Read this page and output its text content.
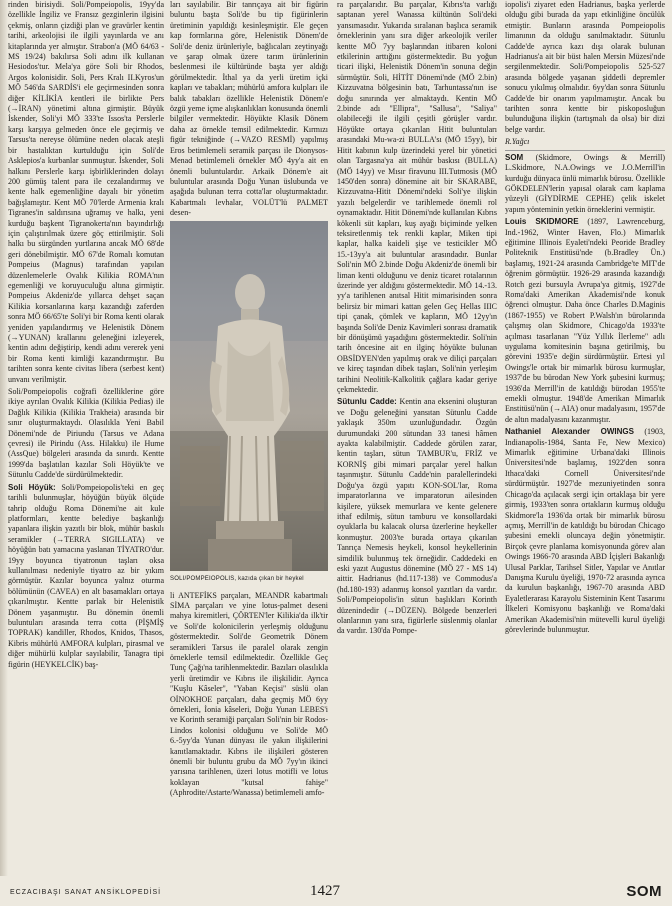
rinden birisiydi. Soli/Pompeiopolis, 19yy'da özellikle İngiliz ve Fransız gezginlerin ilgisini çekmiş, onların çizdiği plan ve gravürler kentin tarihi, arkeolojisi ile ilgili yayınlarda ve anı kitaplarında yer almıştır. Strabon'a (MÖ 64/63 - MS 19/24) bakılırsa Soli adını ilk kullanan Hesiodos'tur. Mela'ya göre Soli bir Rhodos, Argos kolonisidir. Soli, Pers Kralı II.Kyros'un MÖ 546'da SARDİS'i ele geçirmesinden sonra diğer KİLİKİA kentleri ile birlikte Pers (→İRAN) yönetimi altına girmiştir. Büyük İskender, Soli'yi MÖ 333'te Issos'ta Perslerle karşı karşıya gelmeden önce ele geçirmiş ve Tarsus'ta nereyse ölümüne neden olacak ateşli bir hastalıktan kurtulduğu için Soli'de Asklepios'a kurbanlar sunmuştur. İskender, Soli halkını Perslerle karşı işbirliklerinden dolayı 200 gümüş talent para ile cezalandırmış ve kente halk egemenliğine dayalı bir yönetim bağışlamıştır. Kent MÖ 70'lerde Armenia kralı Tigranes'in saldırısına uğramış ve halkı, yeni kurduğu başkent Tigranokerta'nın bayındırlığı için çalıştırılmak üzere göç ettirilmiştir. Soli halkı bu sürgünden yurtlarına ancak MÖ 68'de geri dönebilmiştir. MÖ 67'de Romalı komutan Pompeius (Magnus) tarafından yapılan düzenlemelerle Ovalık Kilikia ROMA'nın egemenliği ve koruyuculuğu altına girmiştir. Pompeius Akdeniz'de yıllarca dehşet saçan Kilikia korsanlarına karşı kazandığı zaferden sonra MÖ 66/65'te Soli'yi bir Roma kenti olarak yeniden yapılandırmış ve Helenistik Dönem (→YUNAN) krallarını geleneğini izleyerek, kentin adını değiştirip, kendi adını vererek yeni bir Roma kenti kimliği kazandırmıştır. Bu tarihten sonra kente civitas libera (serbest kent) unvanı verilmiştir.

Soli/Pompeiopolis coğrafi özelliklerine göre ikiye ayrılan Ovalık Kilikia (Kilikia Pedias) ile Dağlık Kilikia (Kilikia Trakheia) arasında bir sınır oluşturmaktaydı. Olasılıkla Yeni Babil Dönemi'nde de Piriundu (Tarsus ve Adana çevresi) ile Pirindu (Ass. Hilakku) ile Hume (AssQue) bölgeleri arasında da sınırdı. Kentte 1999'da başlatılan kazılar Soli Höyük'te ve Sütunlu Cadde'de sürdürülmektedir.

Soli Höyük: Soli/Pompeiopolis'teki en geç tarihli bulunmuşlar, höyüğün büyük ölçüde tahrip olduğu Roma Dönemi'ne ait kule platformları, kentte belediye başkanlığı yapanlara ilişkin yazıtlı bir blok, mühür baskılı seramikler (→TERRA SIGILLATA) ve höyüğün batı yamacına yaslanan TİYATRO'dur. 19yy boyunca tiyatronun taşları oksa kullanılması nedeniyle tiyatro az bir yıkım görmüştür. Kazılar boyunca yalnız oturma bölümünün (CAVEA) en alt basamakları ortaya çıkarılmıştır. Kentte parlak bir Helenistik Dönem yaşanmıştır. Bu dönemin önemli buluntuları arasında terra cotta (PİŞMİŞ TOPRAK) kandiller, Rhodos, Knidos, Thasos, Kibris mühürlü AMFORA kulpları, pirasmal ve diğer mühürlü kulplar sayılabilir, Tanagra tipi figürin (HEYKELCİK) baş-

ları sayılabilir. Bir tanrıçaya ait bir figürin buluntu başta Soli'de bu tip figürinlerin üretiminin yapıldığı kesinleşmiştir. Ele geçen kap formlarına göre, Helenistik Dönem'de Soli'de deniz ürünleriyle, bağlıcaları zeytinyağı ve şarap olmak üzere tarım ürünlerinin beslenmesi ile kültüründe başta yer aldığı görülmektedir. İthal ya da yerli üretim içki kapları ve tabakları; mühürlü amfora kulpları ile balık tabakları özellikle Helenistik Dönem'e özgü yeme içme alışkanlıkları konusunda önemli bilgiler vermektedir. Höyükte Klasik Dönem daha az örnekle temsil edilmektedir. Kırmızı figür tekniğinde (→VAZO RESMİ) yapılmış Eros betimlemeli seramik parçası ile Dionysos-Menad betimlemeli örnekler MÖ 4yy'a ait en önemli buluntulardır. Arkaik Dönem'e ait buluntular arasında Doğu Yunan üslubunda ve aşağıda bulunan terra cotta'lar oluşturmaktadır. Kabartmalı levhalar, VOLÜT'lü PALMET desen-

SOLI/POMPEIOPOLIS, kazıda çıkan bir heykel

li ANTEFİKS parçaları, MEANDR kabartmalı SİMA parçaları ve yine lotus-palmet deseni mahya kiremitleri, ÇÖRTEN'ler Kilikia'da ilk'tir ve Soli'de kolonicilerin yerleşmiş olduğunu göstermektedir. Soli'de Geometrik Dönem seramikleri Tarsus ile paralel olarak zengin örneklerle temsil edilmektedir. Özellikle Geç Tunç Çağı'na tarihlenmektedir. Bazıları olasılıkla yerli üretimdir ve Kıbrıs ile ilişkilidir. Ayrıca "Kuşlu Kâseler", "Yaban Keçisi" süslü olan OİNOKHOE parçaları, daha geçmiş MÖ 6yy örnekleri, İonia kâseleri, Doğu Yunan LEBES'i ve Korinth seramiği parçaları Soli'nin bir Rodos-Lindos kolonisi olduğunu ve Soli'de MÖ 6.-5yy'da Yunan dünyası ile yakın ilişkilerini kanıtlamaktadır. Kıbrıs ile ilişkileri gösteren önemli bir buluntu grubu da MÖ 7yy'ın ikinci yarısına tarihlenen, üzeri lotus motifli ve lotus koklayan "kutsal fahişe" (Aphrodite/Astarte/Wanassa) betimlemeli amfo-

ra parçalarıdır. Bu parçalar, Kıbrıs'ta varlığı saptanan yerel Wanassa kültünün Soli'deki yansımasıdır. Yukarıda sıralanan başlıca seramik örneklerinin yanı sıra diğer arkeolojik veriler kentte MÖ 7yy başlarından itibaren koloni etkilerinin arttığını göstermektedir. Bu yoğun ticari ilişki, Helenistik Dönem'in sonuna değin sürmüştür. Soli, HİTİT Dönemi'nde (MÖ 2.bin) Kizzuvatna bölgesinin batı, Tarhuntassa'nın ise doğu sınırında yer almaktaydı. Kentin MÖ 2.binde adı "Ellipra", "Sallusa", "Saliya" olabileceği ile ilgili çeşitli görüşler vardır. Höyükte ortaya çıkarılan Hitit buluntuları arasındaki Mu-wa-zi BULLA'sı (MÖ 15yy), bir Hitit kabının kulp üzerindeki yerel bir yönetici olan Targasna'ya ait mühür baskısı (BULLA) (MÖ 14yy) ve Mısır firavunu III.Tutmosis (MÖ 1450'den sonra) dönemine ait bir SKARABE, Kizzuvatna-Hitit Dönemi'ndeki Soli'ye ilişkin yazılı belgelerdir ve tarihlemede önemli rol oynamaktadır. Hitit Dönemi'nde kullanılan Kıbrıs kökenli süt kapları, kuş ayağı biçiminde yelken teksiretlenmiş tek renkli kaplar, Miken tipi kaplar, halka kaideli şişe ve testicikler MÖ 15.-13yy'a ait buluntular arasındadır. Bunlar Soli'nin MÖ 2.binde Doğu Akdeniz'de önemli bir liman kenti olduğunu ve deniz ticaret rotalarının üzerinde yer aldığını göstermektedir. MÖ 14.-13. yy'a tarihlenen anıtsal Hitit mimarisinden sonra belirsiz bir mimari kattan gelen Geç Hellas IIIC tipi çanak, çömlek ve kapların, MÖ 12yy'ın başında Soli'de Deniz Kavimleri sonrası dramatik bir dönüşümü yaşadığını göstermektedir. Soli'nin tarih öncesine ait en ilginç höyükte bulunan OBSİDYEN'den yapılmış orak ve diliçi parçaları ve kireç taşından dibek taşları, Soli'nin yerleşim tarihini Neolitik-Kalkolitik çağlara kadar geriye çekmektedir.

Sütunlu Cadde: Kentin ana eksenini oluşturan ve Doğu geleneğini yansıtan Sütunlu Cadde yaklaşık 350m uzunluğundadır. Özgün durumundaki 200 sütundan 33 tanesi hâmen ayakta kalabilmiştir. Caddede görülen zarar, kentin taşları, sütun TAMBUR'u, FRİZ ve KORNİŞ gibi mimari parçalar yerel halkın taşınmıştır. Sütunlu Cadde'nin paralellerindeki Doğu'ya özgü yapıtı KON-SOL'lar, Roma imparatorlarına ve imparatorun ailesinden kişilere, yüksek memurlara ve kente gelenere ithaf edilmiş, sütun tamburu ve konsollardaki oyuklarla bu kalacak olursa üzerlerine heykeller konmuştur. 2003'te burada ortaya çıkarılan Tanrıça Nemesis heykeli, konsol heykellerinin simdilik bulunmuş tek örneğidir. Caddedeki en eski yazıt Augustus dönemine (MÖ 27 - MS 14) aittir. Hadrianus (hd.117-138) ve Commodus'a (hd.180-193) adanmış konsol yazıtları da vardır. Soli/Pompeiopolis'in sütun başlıkları Korinth düzenindedir (→DÜZEN). Bölgede benzerleri olanlarının yanı sıra, figürlerle süslenmiş olanlar da vardır. 130'da Pompe-

iopolis'i ziyaret eden Hadrianus, başka yerlerde olduğu gibi burada da yapı etkinliğine öncülük etmiştir. Bunların arasında Pompeiopolis limanının da olduğu sanılmaktadır. Sütunlu Cadde'de ayrıca kazı dışı olarak bulunan Hadrianus'a ait bir büst halen Mersin Müzesi'nde sergilenmektedir. Soli/Pompeiopolis 525-527 arasında bölgede yaşanan şiddetli depremler sonucu yıkılmış olmalıdır. 6yy'dan sonra Sütunlu Cadde'de bir onarım yapılmamıştır. Ancak bu tarihten sonra kentte bir piskoposluğun bulunduğuna ilişkin (tartışmalı da olsa) bir dizi belge vardır.

R.Yağcı

SOM (Skidmore, Owings & Merrill) L.Skidmore, N.A.Owings ve J.O.Merrill'in kurduğu dünyaca ünlü mimarlık bürosu. Özellikle GÖKDELEN'lerin yapısal olarak cam kaplama yüzeyli (GİYDİRME CEPHE) çelik iskelet yapım yönteminin yetkin örneklerini vermiştir.

Louis SKIDMORE (1897, Lawrenceburg, Ind.-1962, Winter Haven, Flo.) Mimarlık eğitimine Illinois Eyaleti'ndeki Peoride Bradley Politeknik Enstitüsü'nde (b.Bradley Ün.) başlamış, 1921-24 arasında Cambridge'te MIT'de öğrenim görmüştür. 1926-29 arasında kazandığı Rotch gezi bursuyla Avrupa'ya gitmiş, 1927'de Roma'daki Amerikan Akademisi'nde konuk öğrenci olmuştur. Daha önce Charles D.Maginis (1867-1955) ve Robert P.Walsh'ın bürolarında çalışmış olan Skidmore, Chicago'da 1933'te açılması tasarlanan "Yüz Yıllık İlerleme" adlı uygulama komitesinin başına getirilmiş, bu görevini 1935'e değin sürdürmüştür. Ertesi yıl Owings'le ortak bir mimarlık bürosu kurmuşlar, 1937'de bu bürodan New York şubesini kurmuş; 1936'da Merrill'in de katıldığı bürodan 1955'te emekli olmuştur. 1948'de Amerikan Mimarlık Enstitüsü'nün (→AIA) onur madalyasını, 1957'de de altın madalyasını kazanmıştır.

Nathaniel Alexander OWINGS (1903, Indianapolis-1984, Santa Fe, New Mexico) Mimarlık eğitimine Urbana'daki Illinois Üniversitesi'nde başlamış, 1922'den sonra Ithaca'daki Cornell Üniversitesi'nde sürdürmüştür. 1927'de mezuniyetinden sonra Chicago'da açılacak sergi için ortaklaşa bir yere girmiş, 1933'ten sonra ortakların kurmuş olduğu Skidmore'la 1936'da ortak bir mimarlık bürosu açmış, Merrill'in de katıldığı bu bürodan Chicago şubesini emekli oluncaya değin yönetmiştir. Birçok çevre planlama komisyonunda görev alan Owings 1966-70 arasında ABD İçişleri Bakanlığı Ulusal Parklar, Tarihsel Sitler, Yapılar ve Anıtlar Danışma Kurulu üyeliği, 1970-72 arasında ayrıca da kurulun başkanlığı, 1967-70 arasında ABD Eyaletlerarası Karayolu Sisteminin Kent Tasarımı İlkeleri Komisyonu başkanlığı ve Roma'daki Amerikan Akademisi'nin mütevelli kurul üyeliği görevlerinde bulunmuştur.

ECZACIBAŞI SANAT ANSİKLOPEDİSİ	1427	SOM
